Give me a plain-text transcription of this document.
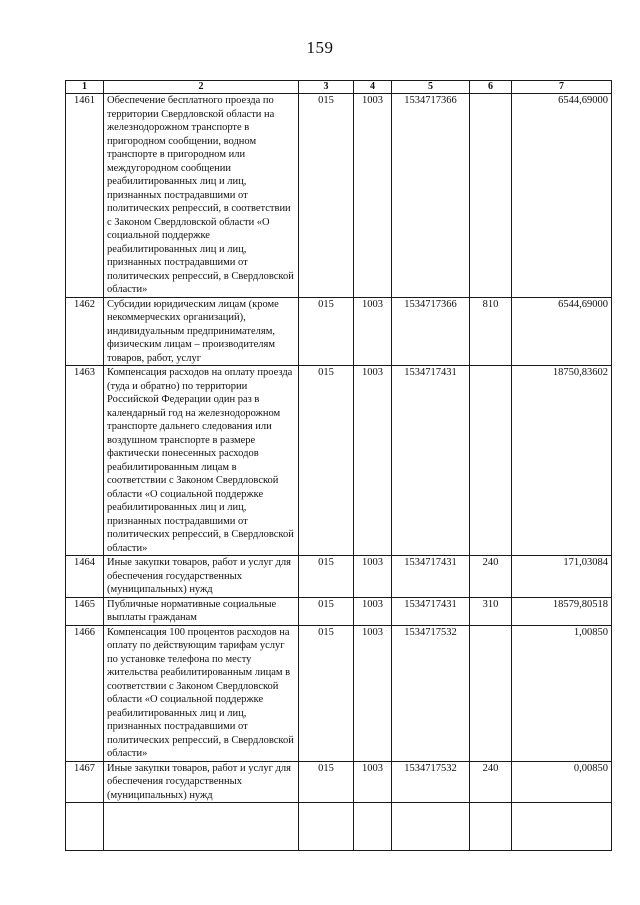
159
1	2	3	4	5	6	7
1461	Обеспечение бесплатного проезда по территории Свердловской области на железнодорожном транспорте в пригородном сообщении, водном транспорте в пригородном или междугородном сообщении реабилитированных лиц и лиц, признанных пострадавшими от политических репрессий, в соответствии с Законом Свердловской области «О социальной поддержке реабилитированных лиц и лиц, признанных пострадавшими от политических репрессий, в Свердловской области»	015	1003	1534717366		6544,69000
1462	Субсидии юридическим лицам (кроме некоммерческих организаций), индивидуальным предпринимателям, физическим лицам – производителям товаров, работ, услуг	015	1003	1534717366	810	6544,69000
1463	Компенсация расходов на оплату проезда (туда и обратно) по территории Российской Федерации один раз в календарный год на железнодорожном транспорте дальнего следования или воздушном транспорте в размере фактически понесенных расходов реабилитированным лицам в соответствии с Законом Свердловской области «О социальной поддержке реабилитированных лиц и лиц, признанных пострадавшими от политических репрессий, в Свердловской области»	015	1003	1534717431		18750,83602
1464	Иные закупки товаров, работ и услуг для обеспечения государственных (муниципальных) нужд	015	1003	1534717431	240	171,03084
1465	Публичные нормативные социальные выплаты гражданам	015	1003	1534717431	310	18579,80518
1466	Компенсация 100 процентов расходов на оплату по действующим тарифам услуг по установке телефона по месту жительства реабилитированным лицам в соответствии с Законом Свердловской области «О социальной поддержке реабилитированных лиц и лиц, признанных пострадавшими от политических репрессий, в Свердловской области»	015	1003	1534717532		1,00850
1467	Иные закупки товаров, работ и услуг для обеспечения государственных (муниципальных) нужд	015	1003	1534717532	240	0,00850
